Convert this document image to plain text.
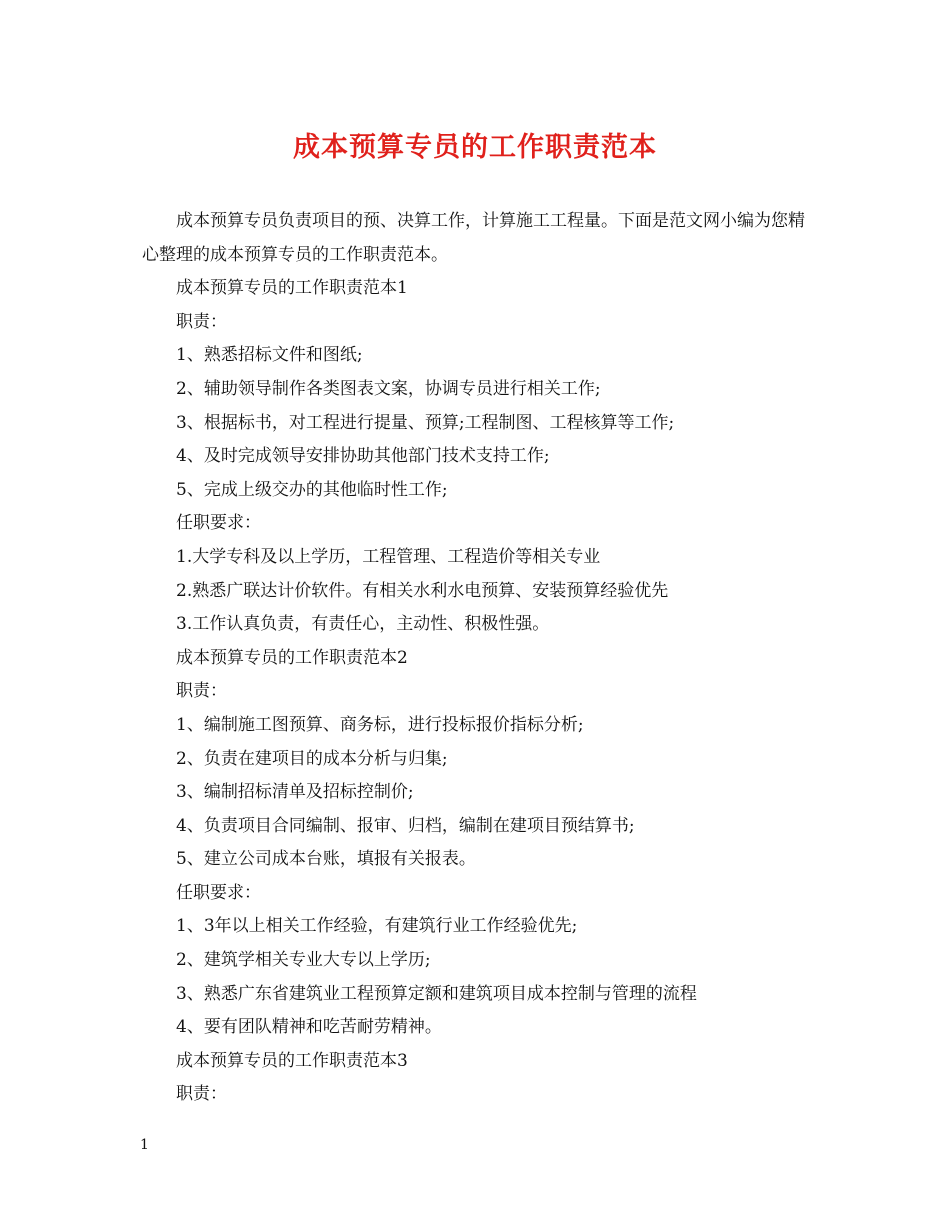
成本预算专员的工作职责范本

成本预算专员负责项目的预、决算工作，计算施工工程量。下面是范文网小编为您精心整理的成本预算专员的工作职责范本。

成本预算专员的工作职责范本1

职责：

1、熟悉招标文件和图纸;

2、辅助领导制作各类图表文案，协调专员进行相关工作;

3、根据标书，对工程进行提量、预算;工程制图、工程核算等工作;

4、及时完成领导安排协助其他部门技术支持工作;

5、完成上级交办的其他临时性工作;

任职要求：

1.大学专科及以上学历，工程管理、工程造价等相关专业

2.熟悉广联达计价软件。有相关水利水电预算、安装预算经验优先

3.工作认真负责，有责任心，主动性、积极性强。

成本预算专员的工作职责范本2

职责：

1、编制施工图预算、商务标，进行投标报价指标分析;

2、负责在建项目的成本分析与归集;

3、编制招标清单及招标控制价;

4、负责项目合同编制、报审、归档，编制在建项目预结算书;

5、建立公司成本台账，填报有关报表。

任职要求：

1、3年以上相关工作经验，有建筑行业工作经验优先;

2、建筑学相关专业大专以上学历;

3、熟悉广东省建筑业工程预算定额和建筑项目成本控制与管理的流程

4、要有团队精神和吃苦耐劳精神。

成本预算专员的工作职责范本3

职责：

1
